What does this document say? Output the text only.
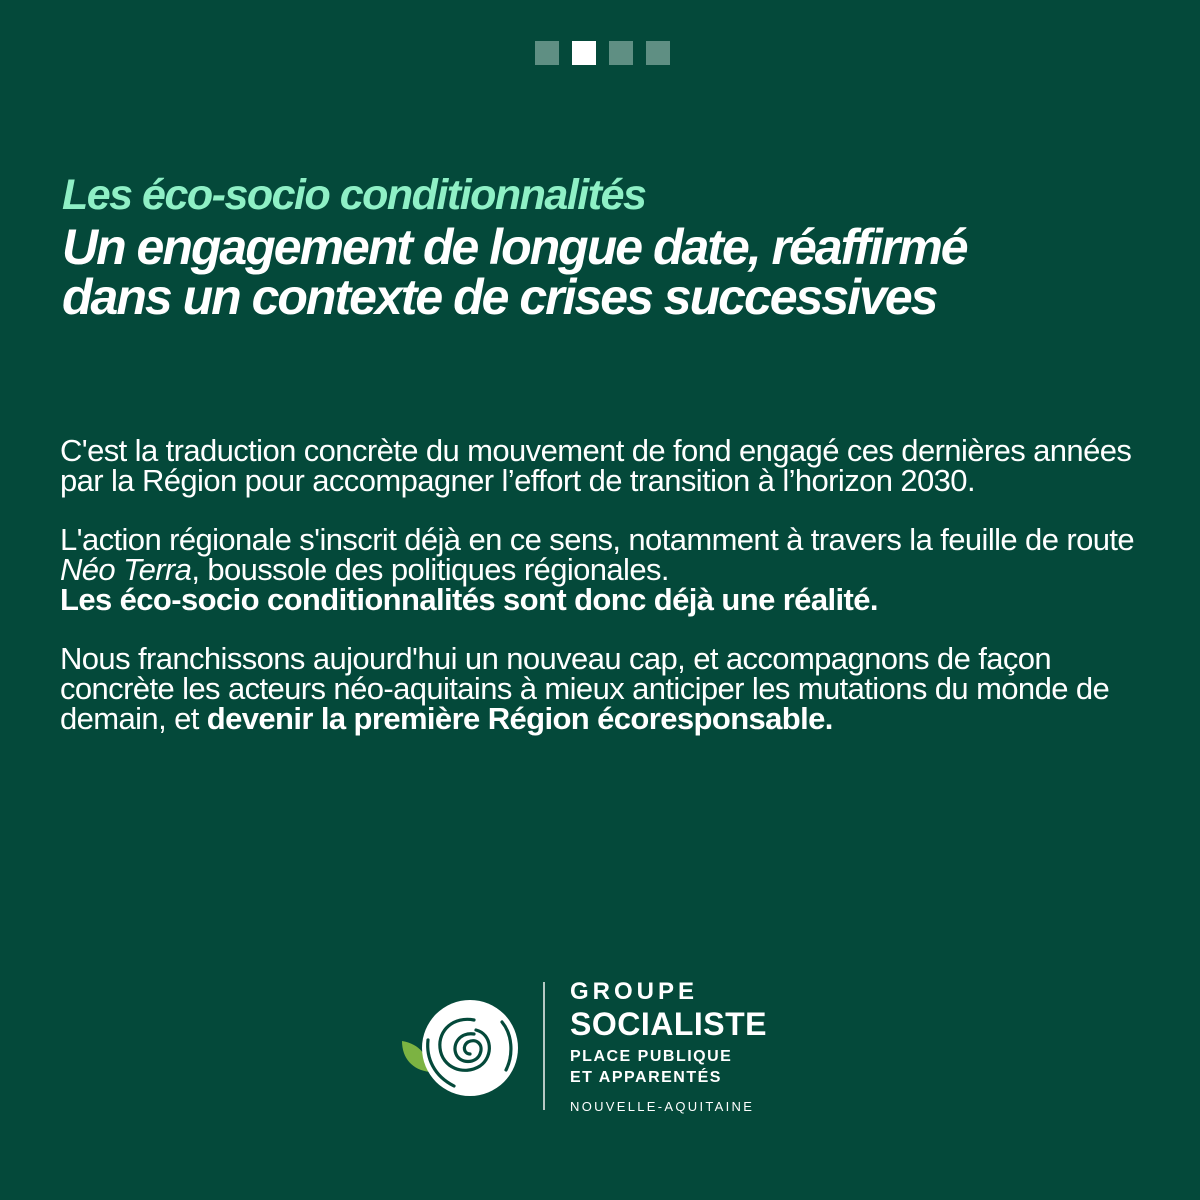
Les éco-socio conditionnalités

Un engagement de longue date, réaffirmé

dans un contexte de crises successives

C'est la traduction concrète du mouvement de fond engagé ces dernières années par la Région pour accompagner l’effort de transition à l’horizon 2030.

L'action régionale s'inscrit déjà en ce sens, notamment à travers la feuille de route Néo Terra, boussole des politiques régionales.
Les éco-socio conditionnalités sont donc déjà une réalité.

Nous franchissons aujourd'hui un nouveau cap, et accompagnons de façon concrète les acteurs néo-aquitains à mieux anticiper les mutations du monde de demain, et devenir la première Région écoresponsable.

GROUPE
SOCIALISTE
PLACE PUBLIQUE
ET APPARENTÉS
NOUVELLE-AQUITAINE
